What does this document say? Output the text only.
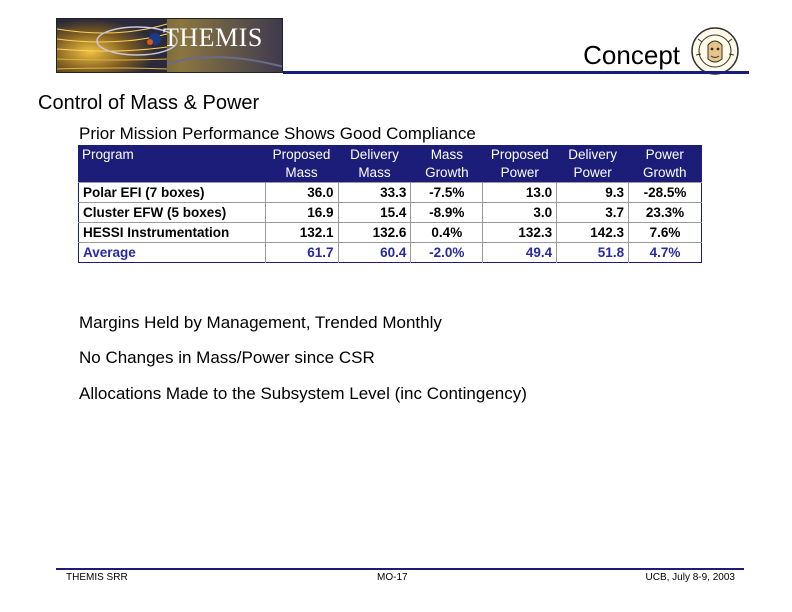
THEMIS
Concept
Control of Mass & Power
Prior Mission Performance Shows Good Compliance
Program	Proposed	Delivery	Mass	Proposed	Delivery	Power
	Mass	Mass	Growth	Power	Power	Growth
Polar EFI (7 boxes)	36.0	33.3	-7.5%	13.0	9.3	-28.5%
Cluster EFW (5 boxes)	16.9	15.4	-8.9%	3.0	3.7	23.3%
HESSI Instrumentation	132.1	132.6	0.4%	132.3	142.3	7.6%
Average	61.7	60.4	-2.0%	49.4	51.8	4.7%
Margins Held by Management, Trended Monthly
No Changes in Mass/Power since CSR
Allocations Made to the Subsystem Level (inc Contingency)
THEMIS SRR	MO-17	UCB, July 8-9, 2003
